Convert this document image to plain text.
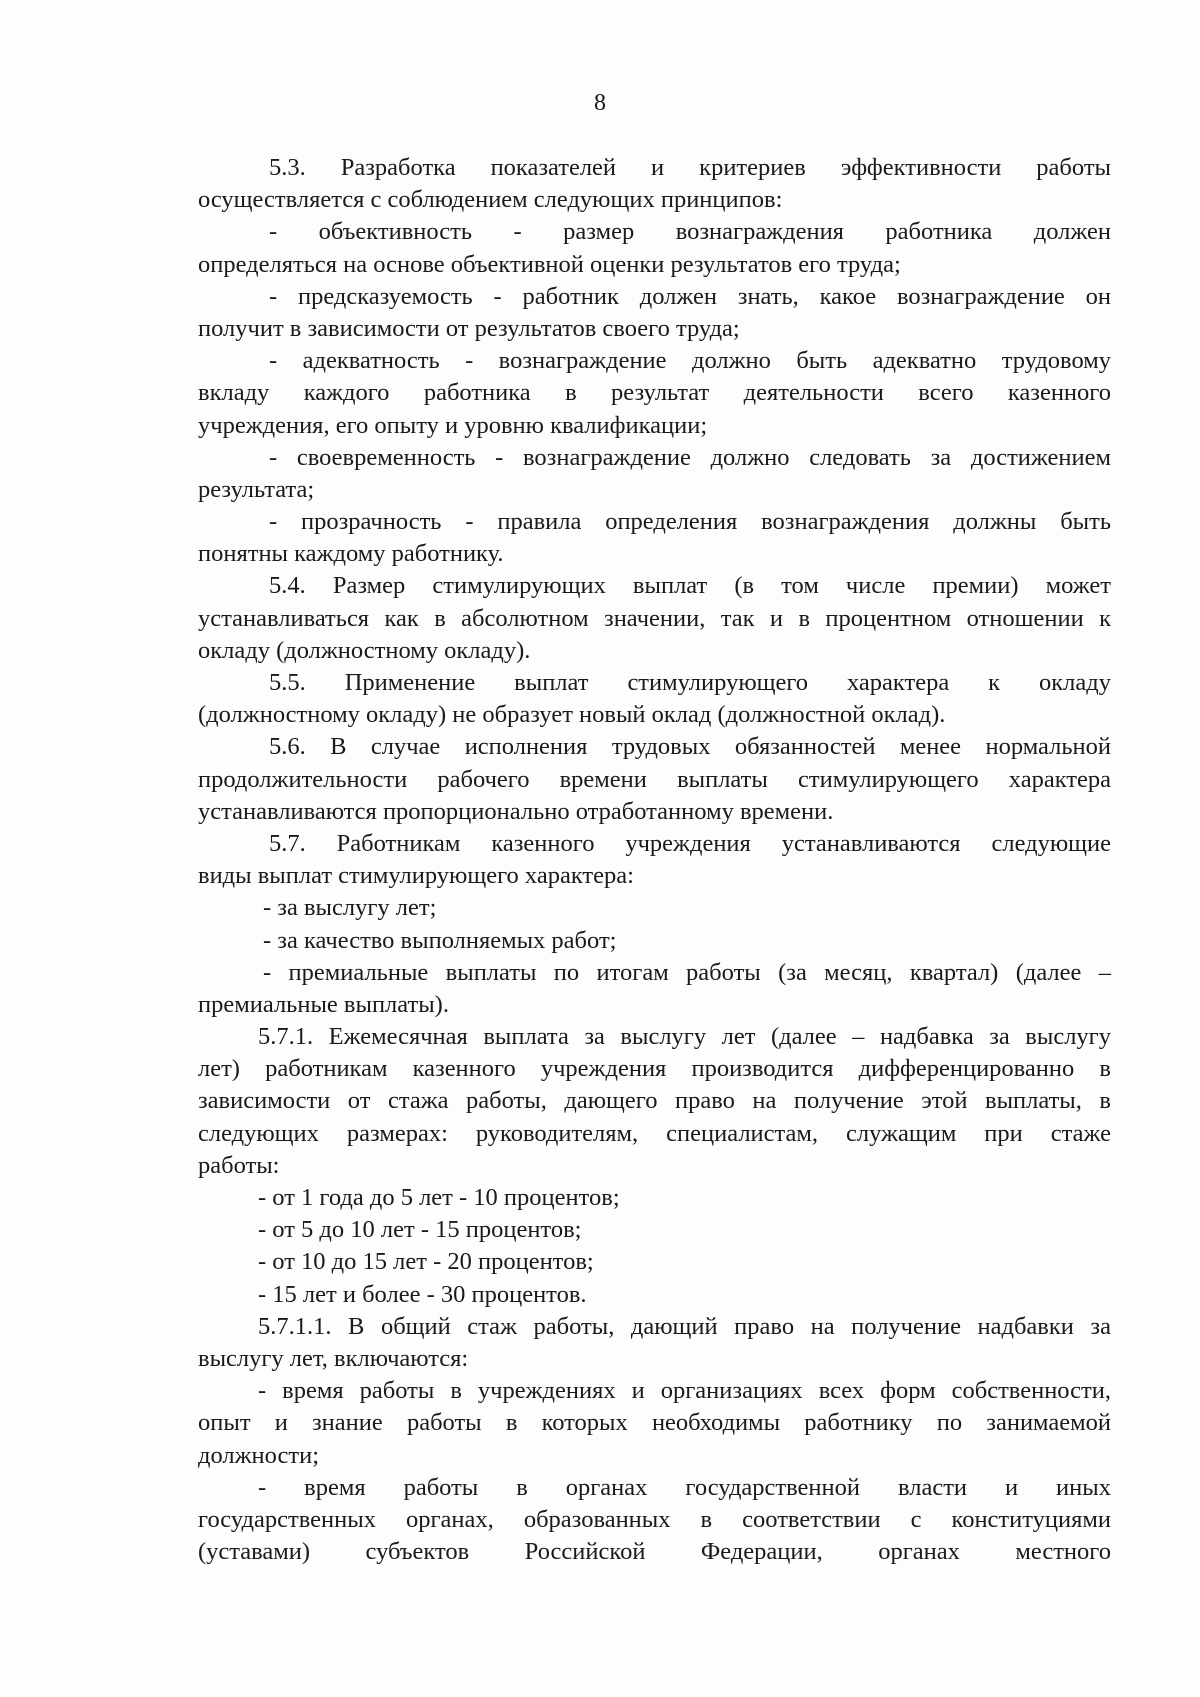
8
5.3. Разработка показателей и критериев эффективности работы
осуществляется с соблюдением следующих принципов:
- объективность - размер вознаграждения работника должен
определяться на основе объективной оценки результатов его труда;
- предсказуемость - работник должен знать, какое вознаграждение он
получит в зависимости от результатов своего труда;
- адекватность - вознаграждение должно быть адекватно трудовому
вкладу каждого работника в результат деятельности всего казенного
учреждения, его опыту и уровню квалификации;
- своевременность - вознаграждение должно следовать за достижением
результата;
- прозрачность - правила определения вознаграждения должны быть
понятны каждому работнику.
5.4. Размер стимулирующих выплат (в том числе премии) может
устанавливаться как в абсолютном значении, так и в процентном отношении к
окладу (должностному окладу).
5.5. Применение выплат стимулирующего характера к окладу
(должностному окладу) не образует новый оклад (должностной оклад).
5.6. В случае исполнения трудовых обязанностей менее нормальной
продолжительности рабочего времени выплаты стимулирующего характера
устанавливаются пропорционально отработанному времени.
5.7. Работникам казенного учреждения устанавливаются следующие
виды выплат стимулирующего характера:
- за выслугу лет;
- за качество выполняемых работ;
- премиальные выплаты по итогам работы (за месяц, квартал) (далее –
премиальные выплаты).
5.7.1. Ежемесячная выплата за выслугу лет (далее – надбавка за выслугу
лет) работникам казенного учреждения производится дифференцированно в
зависимости от стажа работы, дающего право на получение этой выплаты, в
следующих размерах: руководителям, специалистам, служащим при стаже
работы:
- от 1 года до 5 лет - 10 процентов;
- от 5 до 10 лет - 15 процентов;
- от 10 до 15 лет - 20 процентов;
- 15 лет и более - 30 процентов.
5.7.1.1. В общий стаж работы, дающий право на получение надбавки за
выслугу лет, включаются:
- время работы в учреждениях и организациях всех форм собственности,
опыт и знание работы в которых необходимы работнику по занимаемой
должности;
- время работы в органах государственной власти и иных
государственных органах, образованных в соответствии с конституциями
(уставами) субъектов Российской Федерации, органах местного
